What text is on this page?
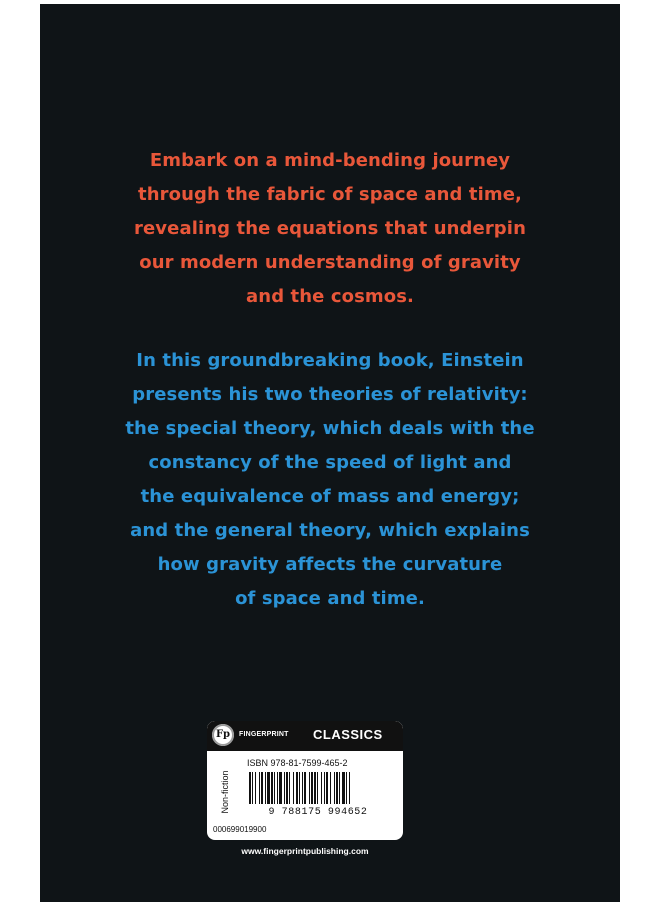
Embark on a mind-bending journey
through the fabric of space and time,
revealing the equations that underpin
our modern understanding of gravity
and the cosmos.
In this groundbreaking book, Einstein
presents his two theories of relativity:
the special theory, which deals with the
constancy of the speed of light and
the equivalence of mass and energy;
and the general theory, which explains
how gravity affects the curvature
of space and time.
Fp	FINGERPRINT CLASSICS
Non-fiction
ISBN 978-81-7599-465-2
9 788175 994652
000699019900
www.fingerprintpublishing.com
